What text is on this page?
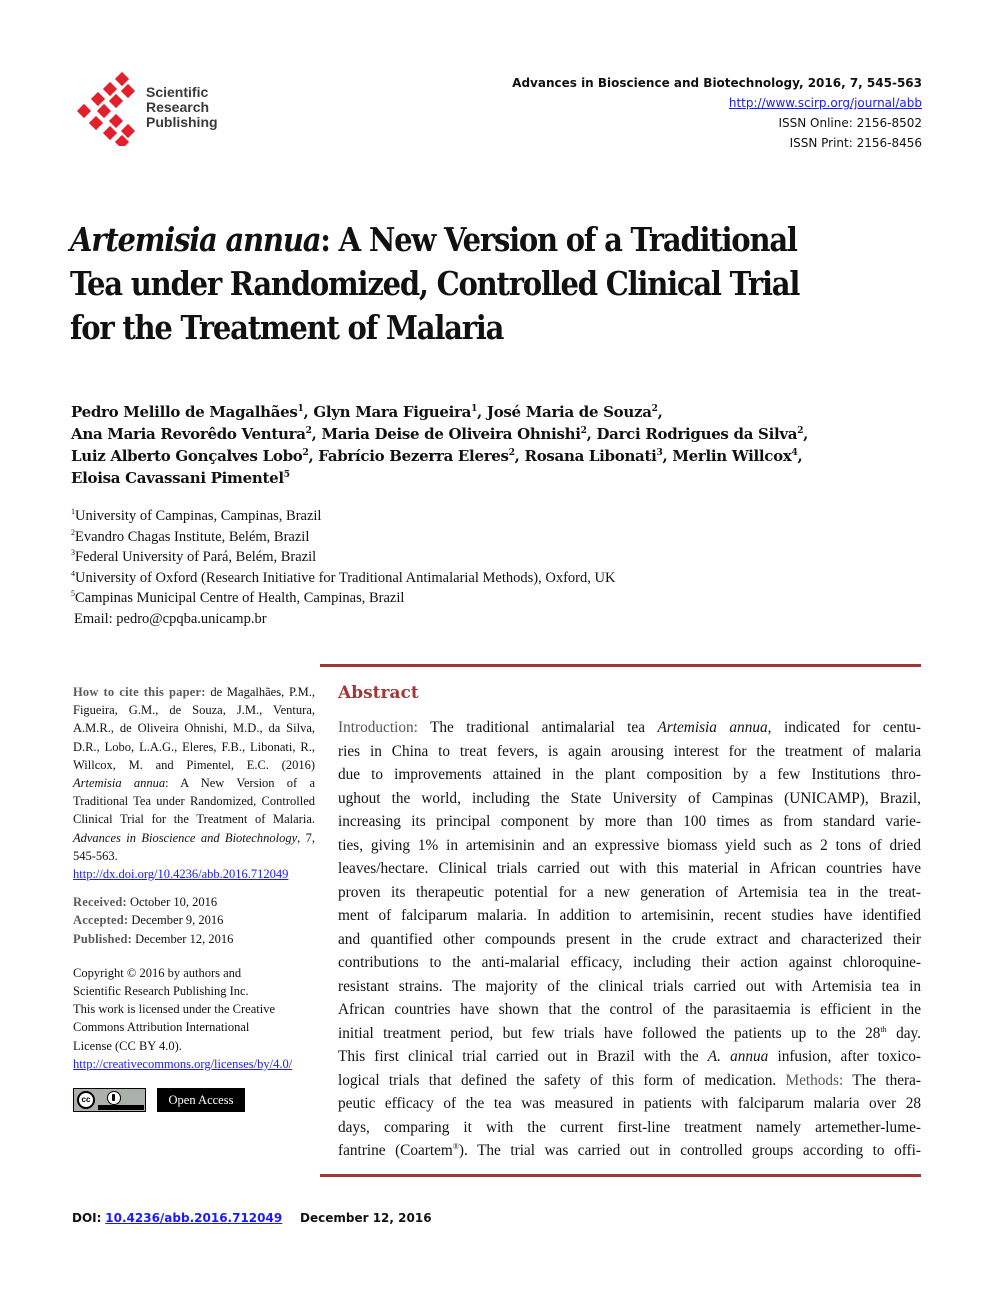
Scientific
Research
Publishing
Advances in Bioscience and Biotechnology, 2016, 7, 545-563
http://www.scirp.org/journal/abb
ISSN Online: 2156-8502
ISSN Print: 2156-8456
Artemisia annua: A New Version of a Traditional
Tea under Randomized, Controlled Clinical Trial
for the Treatment of Malaria
Pedro Melillo de Magalhães$^1$, Glyn Mara Figueira$^1$, José Maria de Souza$^2$,
Ana Maria Revorêdo Ventura$^2$, Maria Deise de Oliveira Ohnishi$^2$, Darci Rodrigues da Silva$^2$,
Luiz Alberto Gonçalves Lobo$^2$, Fabrício Bezerra Eleres$^2$, Rosana Libonati$^3$, Merlin Willcox$^4$,
Eloisa Cavassani Pimentel$^5$
$^1$University of Campinas, Campinas, Brazil
$^2$Evandro Chagas Institute, Belém, Brazil
$^3$Federal University of Pará, Belém, Brazil
$^4$University of Oxford (Research Initiative for Traditional Antimalarial Methods), Oxford, UK
$^5$Campinas Municipal Centre of Health, Campinas, Brazil
Email: pedro@cpqba.unicamp.br
How to cite this paper: de Magalhães, P.M., Figueira, G.M., de Souza, J.M., Ventura, A.M.R., de Oliveira Ohnishi, M.D., da Silva, D.R., Lobo, L.A.G., Eleres, F.B., Libonati, R., Willcox, M. and Pimentel, E.C. (2016) Artemisia annua: A New Version of a Traditional Tea under Randomized, Controlled Clinical Trial for the Treatment of Malaria. Advances in Bioscience and Biotechnology, 7, 545-563.
http://dx.doi.org/10.4236/abb.2016.712049
Received: October 10, 2016
Accepted: December 9, 2016
Published: December 12, 2016
Copyright © 2016 by authors and
Scientific Research Publishing Inc.
This work is licensed under the Creative
Commons Attribution International
License (CC BY 4.0).
http://creativecommons.org/licenses/by/4.0/
cc	Open Access
Abstract
Introduction: The traditional antimalarial tea Artemisia annua, indicated for centu-
ries in China to treat fevers, is again arousing interest for the treatment of malaria
due to improvements attained in the plant composition by a few Institutions thro-
ughout the world, including the State University of Campinas (UNICAMP), Brazil,
increasing its principal component by more than 100 times as from standard varie-
ties, giving 1% in artemisinin and an expressive biomass yield such as 2 tons of dried
leaves/hectare. Clinical trials carried out with this material in African countries have
proven its therapeutic potential for a new generation of Artemisia tea in the treat-
ment of falciparum malaria. In addition to artemisinin, recent studies have identified
and quantified other compounds present in the crude extract and characterized their
contributions to the anti-malarial efficacy, including their action against chloroquine-
resistant strains. The majority of the clinical trials carried out with Artemisia tea in
African countries have shown that the control of the parasitaemia is efficient in the
initial treatment period, but few trials have followed the patients up to the 28th day.
This first clinical trial carried out in Brazil with the A. annua infusion, after toxico-
logical trials that defined the safety of this form of medication. Methods: The thera-
peutic efficacy of the tea was measured in patients with falciparum malaria over 28
days, comparing it with the current first-line treatment namely artemether-lume-
fantrine (Coartem®). The trial was carried out in controlled groups according to offi-
DOI: 10.4236/abb.2016.712049 December 12, 2016
